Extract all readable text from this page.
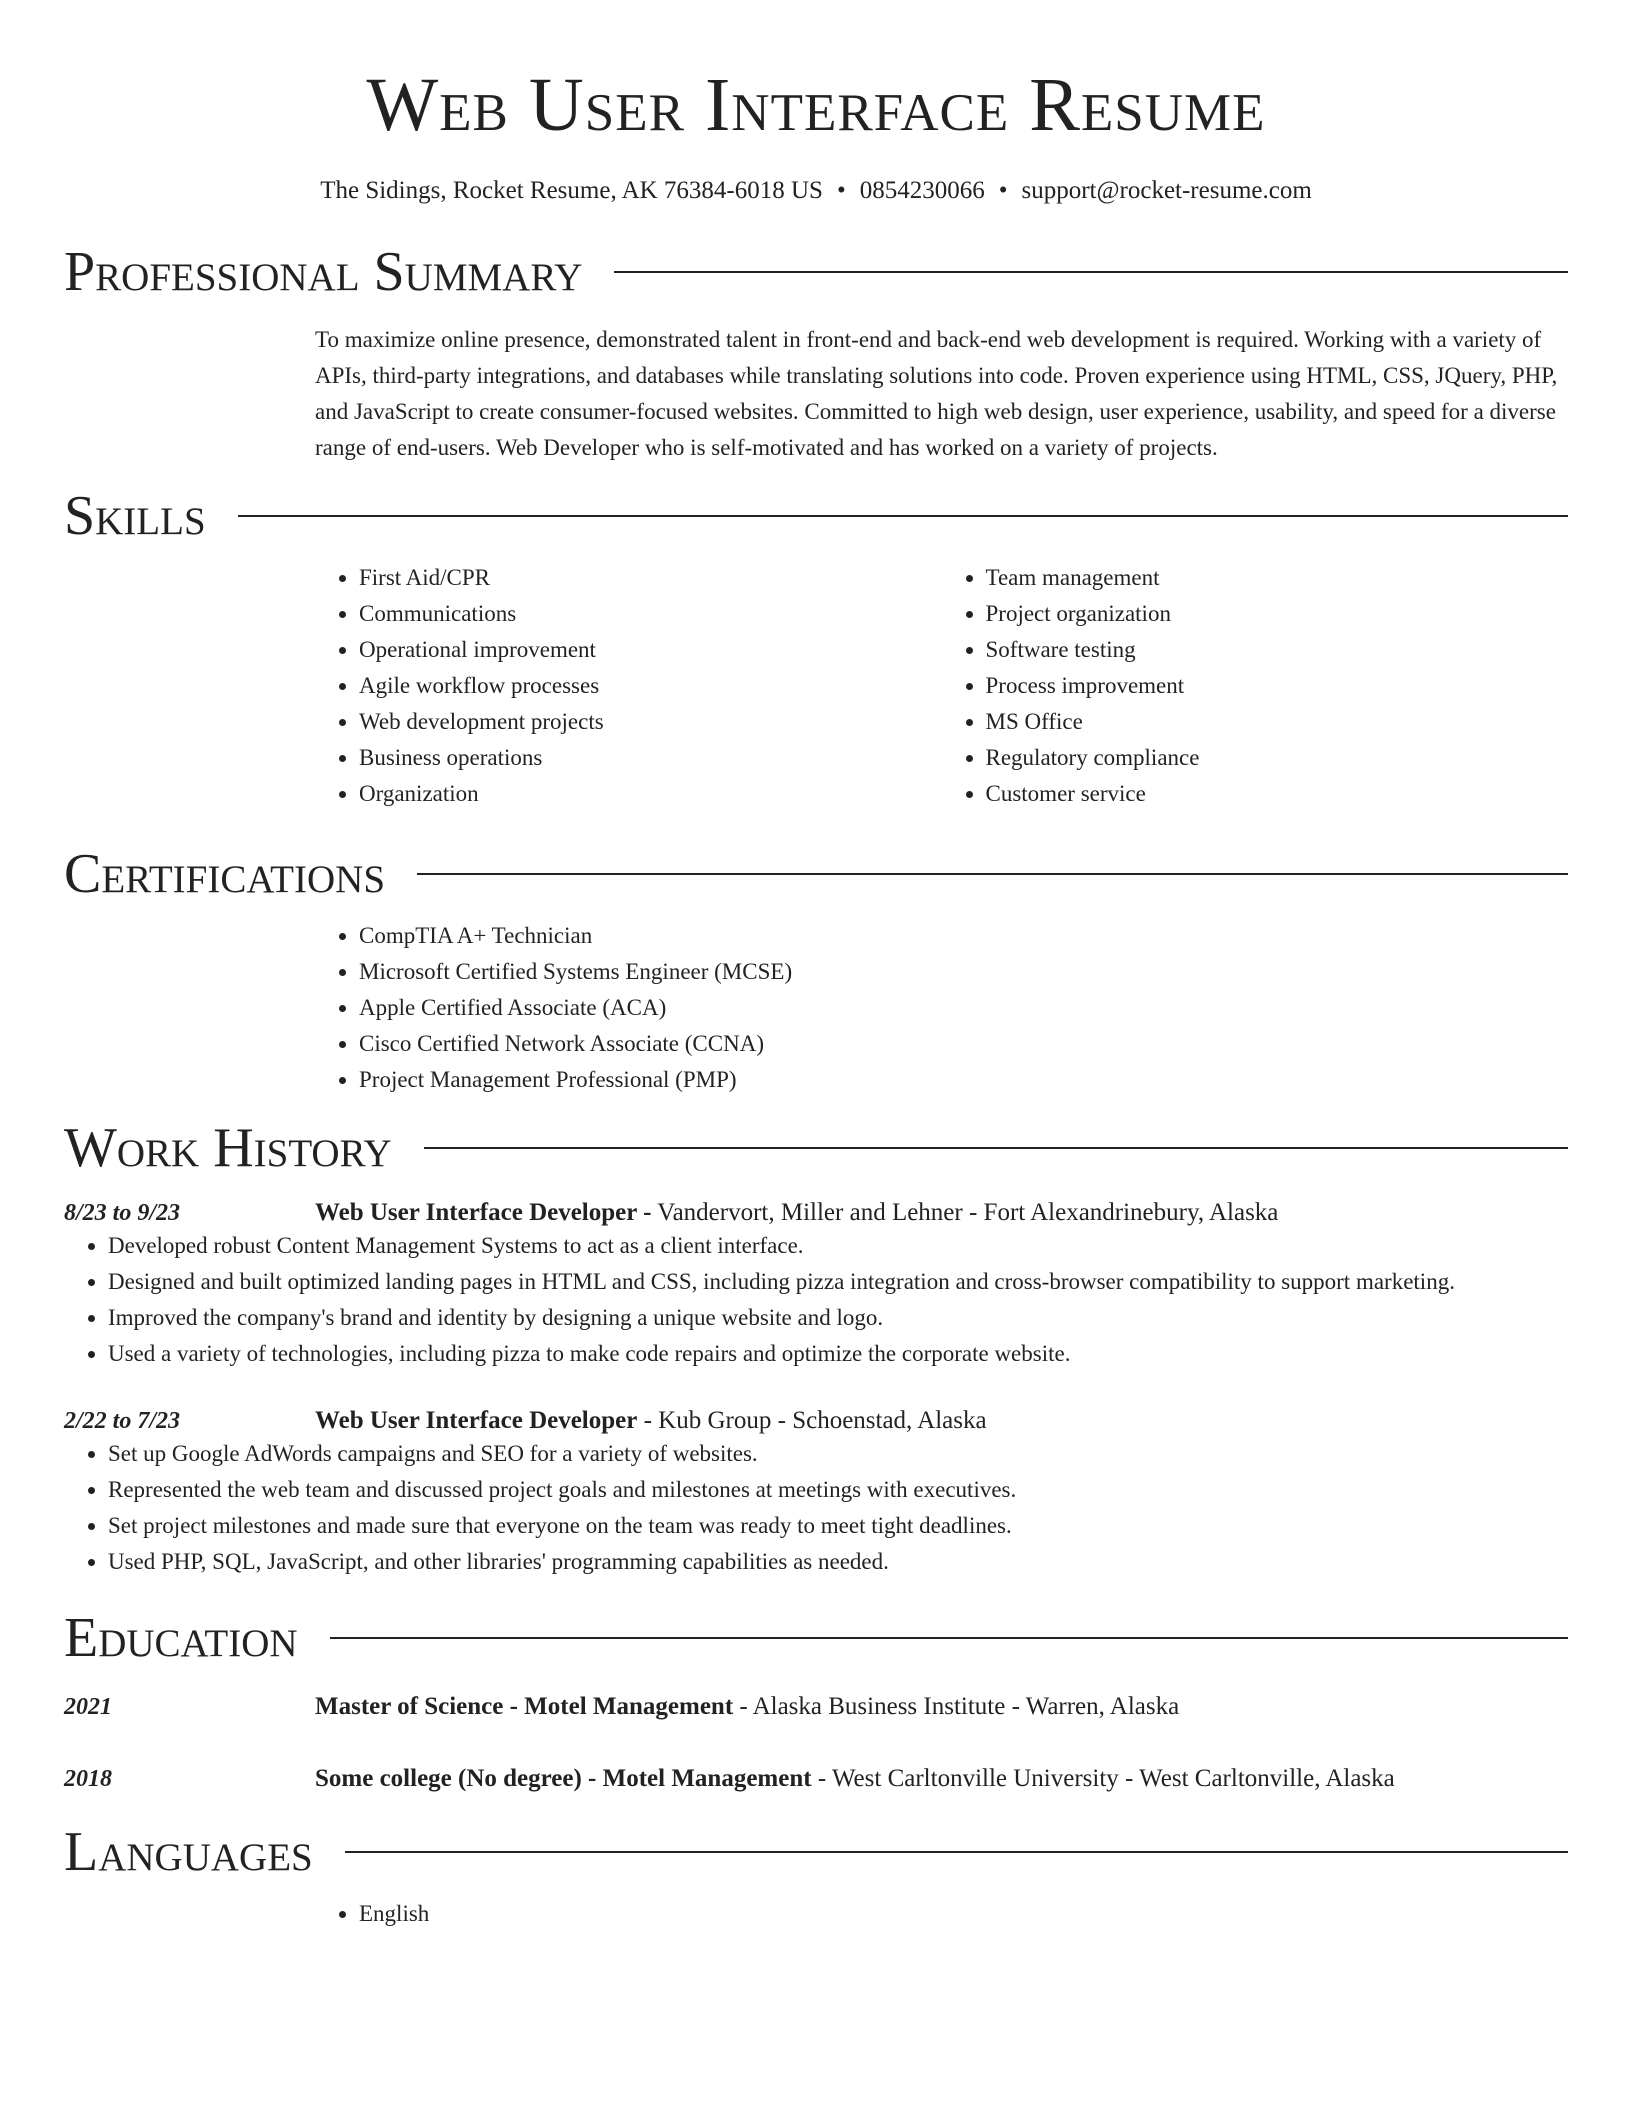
Web User Interface Resume
The Sidings, Rocket Resume, AK 76384-6018 US • 0854230066 • support@rocket-resume.com
Professional Summary
To maximize online presence, demonstrated talent in front-end and back-end web development is required. Working with a variety of APIs, third-party integrations, and databases while translating solutions into code. Proven experience using HTML, CSS, JQuery, PHP, and JavaScript to create consumer-focused websites. Committed to high web design, user experience, usability, and speed for a diverse range of end-users. Web Developer who is self-motivated and has worked on a variety of projects.
Skills
• First Aid/CPR
• Communications
• Operational improvement
• Agile workflow processes
• Web development projects
• Business operations
• Organization
• Team management
• Project organization
• Software testing
• Process improvement
• MS Office
• Regulatory compliance
• Customer service
Certifications
• CompTIA A+ Technician
• Microsoft Certified Systems Engineer (MCSE)
• Apple Certified Associate (ACA)
• Cisco Certified Network Associate (CCNA)
• Project Management Professional (PMP)
Work History
8/23 to 9/23	Web User Interface Developer - Vandervort, Miller and Lehner - Fort Alexandrinebury, Alaska
• Developed robust Content Management Systems to act as a client interface.
• Designed and built optimized landing pages in HTML and CSS, including pizza integration and cross-browser compatibility to support marketing.
• Improved the company's brand and identity by designing a unique website and logo.
• Used a variety of technologies, including pizza to make code repairs and optimize the corporate website.
2/22 to 7/23	Web User Interface Developer - Kub Group - Schoenstad, Alaska
• Set up Google AdWords campaigns and SEO for a variety of websites.
• Represented the web team and discussed project goals and milestones at meetings with executives.
• Set project milestones and made sure that everyone on the team was ready to meet tight deadlines.
• Used PHP, SQL, JavaScript, and other libraries' programming capabilities as needed.
Education
2021	Master of Science - Motel Management - Alaska Business Institute - Warren, Alaska
2018	Some college (No degree) - Motel Management - West Carltonville University - West Carltonville, Alaska
Languages
• English
